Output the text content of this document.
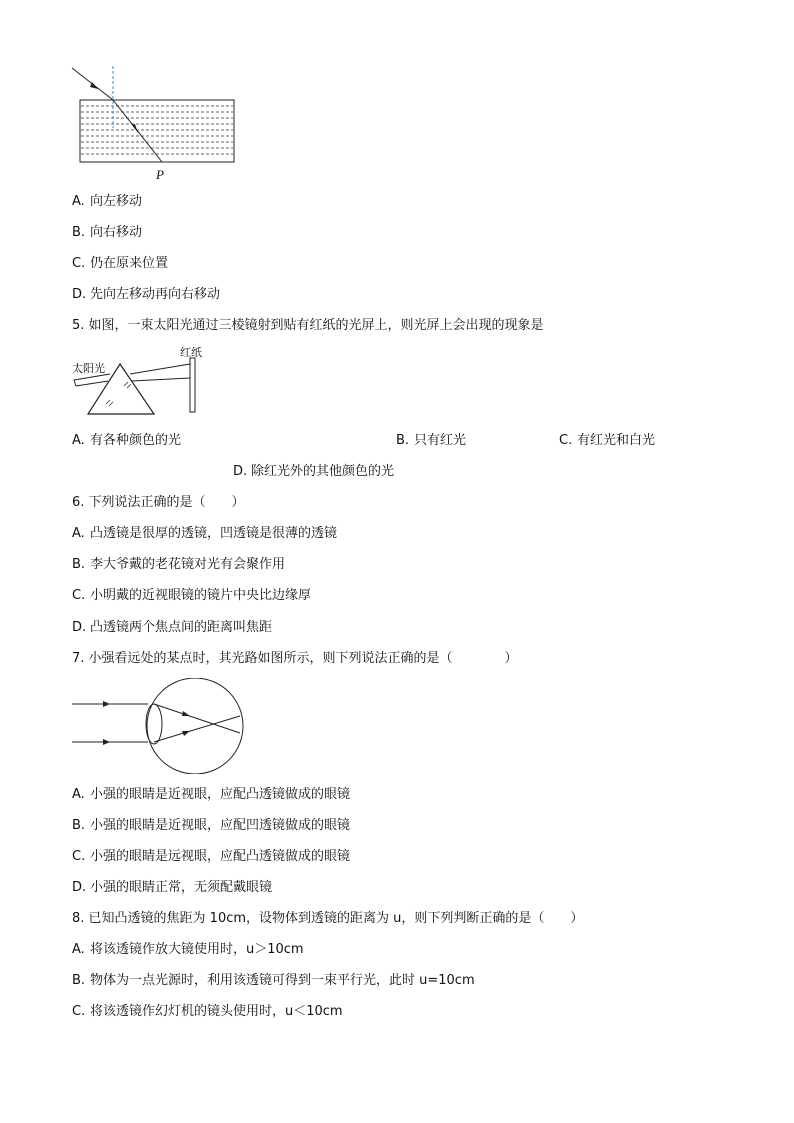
P
A. 向左移动
B. 向右移动
C. 仍在原来位置
D. 先向左移动再向右移动
5. 如图，一束太阳光通过三棱镜射到贴有红纸的光屏上，则光屏上会出现的现象是
太阳光
红纸
A. 有各种颜色的光	B. 只有红光	C. 有红光和白光
D. 除红光外的其他颜色的光
6. 下列说法正确的是（　　）
A. 凸透镜是很厚的透镜，凹透镜是很薄的透镜
B. 李大爷戴的老花镜对光有会聚作用
C. 小明戴的近视眼镜的镜片中央比边缘厚
D. 凸透镜两个焦点间的距离叫焦距
7. 小强看远处的某点时，其光路如图所示，则下列说法正确的是（　　　　）
A. 小强的眼睛是近视眼，应配凸透镜做成的眼镜
B. 小强的眼睛是近视眼，应配凹透镜做成的眼镜
C. 小强的眼睛是远视眼，应配凸透镜做成的眼镜
D. 小强的眼睛正常，无须配戴眼镜
8. 已知凸透镜的焦距为 10cm，设物体到透镜的距离为 u，则下列判断正确的是（　　）
A. 将该透镜作放大镜使用时，u＞10cm
B. 物体为一点光源时，利用该透镜可得到一束平行光，此时 u=10cm
C. 将该透镜作幻灯机的镜头使用时，u＜10cm
